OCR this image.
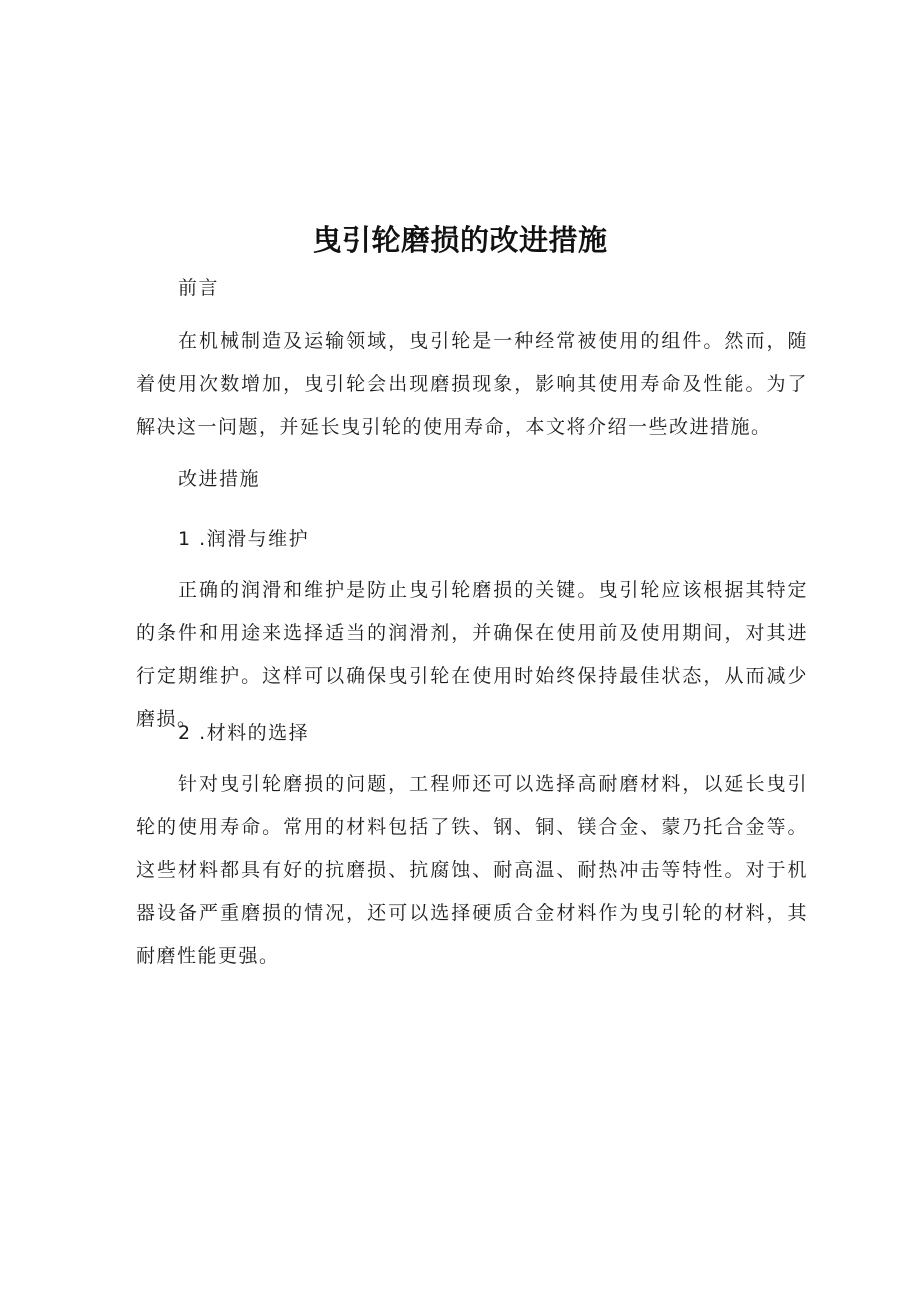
曳引轮磨损的改进措施

前言

在机械制造及运输领域，曳引轮是一种经常被使用的组件。然而，随着使用次数增加，曳引轮会出现磨损现象，影响其使用寿命及性能。为了解决这一问题，并延长曳引轮的使用寿命，本文将介绍一些改进措施。

改进措施

1 .润滑与维护

正确的润滑和维护是防止曳引轮磨损的关键。曳引轮应该根据其特定的条件和用途来选择适当的润滑剂，并确保在使用前及使用期间，对其进行定期维护。这样可以确保曳引轮在使用时始终保持最佳状态，从而减少磨损。

2 .材料的选择

针对曳引轮磨损的问题，工程师还可以选择高耐磨材料，以延长曳引轮的使用寿命。常用的材料包括了铁、钢、铜、镁合金、蒙乃托合金等。这些材料都具有好的抗磨损、抗腐蚀、耐高温、耐热冲击等特性。对于机器设备严重磨损的情况，还可以选择硬质合金材料作为曳引轮的材料，其耐磨性能更强。
